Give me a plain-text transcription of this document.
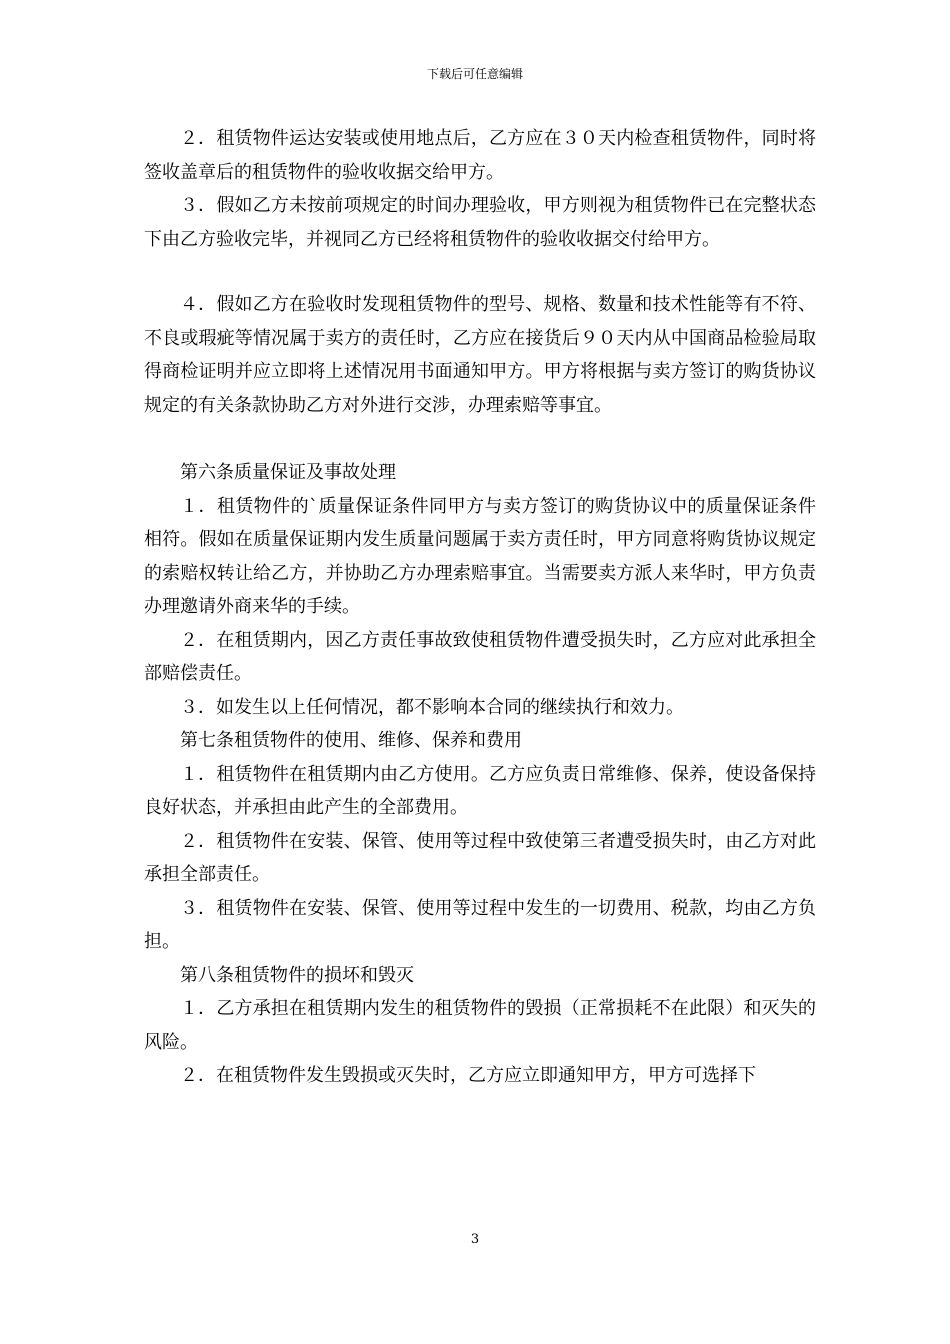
下载后可任意编辑

２．租赁物件运达安装或使用地点后，乙方应在３０天内检查租赁物件，同时将签收盖章后的租赁物件的验收收据交给甲方。

３．假如乙方未按前项规定的时间办理验收，甲方则视为租赁物件已在完整状态下由乙方验收完毕，并视同乙方已经将租赁物件的验收收据交付给甲方。

４．假如乙方在验收时发现租赁物件的型号、规格、数量和技术性能等有不符、不良或瑕疵等情况属于卖方的责任时，乙方应在接货后９０天内从中国商品检验局取得商检证明并应立即将上述情况用书面通知甲方。甲方将根据与卖方签订的购货协议规定的有关条款协助乙方对外进行交涉，办理索赔等事宜。

第六条质量保证及事故处理

１．租赁物件的`质量保证条件同甲方与卖方签订的购货协议中的质量保证条件相符。假如在质量保证期内发生质量问题属于卖方责任时，甲方同意将购货协议规定的索赔权转让给乙方，并协助乙方办理索赔事宜。当需要卖方派人来华时，甲方负责办理邀请外商来华的手续。

２．在租赁期内，因乙方责任事故致使租赁物件遭受损失时，乙方应对此承担全部赔偿责任。

３．如发生以上任何情况，都不影响本合同的继续执行和效力。

第七条租赁物件的使用、维修、保养和费用

１．租赁物件在租赁期内由乙方使用。乙方应负责日常维修、保养，使设备保持良好状态，并承担由此产生的全部费用。

２．租赁物件在安装、保管、使用等过程中致使第三者遭受损失时，由乙方对此承担全部责任。

３．租赁物件在安装、保管、使用等过程中发生的一切费用、税款，均由乙方负担。

第八条租赁物件的损坏和毁灭

１．乙方承担在租赁期内发生的租赁物件的毁损（正常损耗不在此限）和灭失的风险。

２．在租赁物件发生毁损或灭失时，乙方应立即通知甲方，甲方可选择下

3
